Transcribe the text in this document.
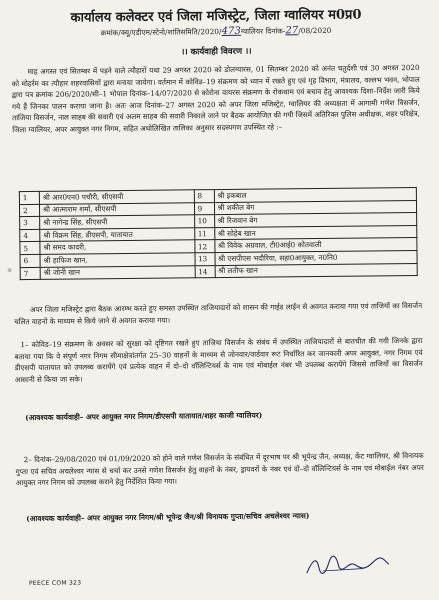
कार्यालय कलेक्टर एवं जिला मजिस्ट्रेट, जिला ग्वालियर म0प्र0
क्रमांक/क्यू/एडीएम/स्टेनो/शांतिसमिति/2020/473ग्वालियर दिनांक-27/08/2020
।। कार्यवाही विवरण ।।

माह अगस्त एवं सितम्बर में पड़ने वाले त्यौहारों यथा 29 अगस्त 2020 को डोलग्यारस, 01 सितम्बर 2020 को अनंत चतुर्दशी एवं 30 अगस्त 2020 को मोहर्रम का त्यौहार शहरवासियों द्वारा मनाया जायेगा। वर्तमान में कोविड–19 संक्रमण को ध्यान में रखते हुए एवं गृह विभाग, मंत्रालय, वल्लभ भवन, भोपाल द्वारा पत्र क्रमांक 206/2020/सी–1 भोपाल दिनांक–14/07/2020 से कोरोना वायरस संक्रमण के रोकथाम एवं बचाव हेतु आवश्यक दिशा–निर्देश जारी किये गये हैं जिनका पालन कराया जाना है। अतः आज दिनांक–27 अगस्त 2020 को अपर जिला मजिस्ट्रेट, ग्वालियर की अध्यक्षता में आगामी गणेश विसर्जन, ताजिया विसर्जन, नाल साहब की सवारी एवं अलम साहब की सवारी निकाले जाने पर बैठक आयोजित की गयी जिसमें अतिरिक्त पुलिस अधीक्षक, शहर परिक्षेत्र, जिला ग्वालियर, अपर आयुक्त नगर निगम, सहित अधोलिखित तालिका अनुसार सदस्यगण उपस्थित रहे :–

1	श्री आर0एन0 पचौरी, सीएसपी	8	श्री इकबाल
2	श्री आत्माराम शर्मा, सीएसपी	9	श्री शकील बेग
3	श्री नागेन्द्र सिंह, सीएसपी	10	श्री रिजवान बेग
4	श्री विक्रम सिंह, डीएसपी, यातायात	11	श्री सोहेब खान
5	श्री समद कादरी,	12	श्री विवेक अग्रवाल, टी0आई0 कोतवाली
6	श्री हाफिज खान,	13	श्री एसपीएस भदौरिया, सहा0आयुक्त, न0नि0
7	श्री जोनी खान	14	श्री लतीफ खान

अपर जिला मजिस्ट्रेट द्वारा बैठक आरम्भ करते हुए समस्त उपस्थित ताजियादारों को शासन की गाईड लाईन से अवगत कराया गया एवं ताजियों का विसर्जन चलित वाहनों के माध्यम से किये जाने से अवगत कराया गया।

1– कोविड–19 संक्रमण के अवसर को सुरक्षा को दृष्टिगत रखते हुए ताजिया विसर्जन के संबंध में उपस्थित ताजियादारों से बातचीत की गयी जिनके द्वारा बताया गया कि वे संपूर्ण नगर निगम सीमाक्षेत्रांतर्गत 25–30 वाहनों के माध्यम से जोनवार/वार्डवार रूट निर्धारित कर जानकारी अपर आयुक्त, नगर निगम एवं डीएसपी यातायात को उपलब्ध करायेंगे एवं प्रत्येक वाहन में दो–दो वॉलिन्टियर्स के नाम एवं मोबाईल नंबर भी उपलब्ध करायेंगे जिससे ताजियों का विसर्जन आसानी से किया जा सके।

(आवश्यक कार्यवाही– अपर आयुक्त नगर निगम/डीएसपी यातायात/शहर काजी ग्वालियर)

2– दिनांक–29/08/2020 एवं 01/09/2020 को होने वाले गणेश विसर्जन के संबंधित में दूरभाष पर श्री भूपेन्द्र जैन, अध्यक्ष, केंट ग्वालियर, श्री विनायक गुप्ता एवं सचिव अचलेश्वर न्यास से चर्चा कर उनसे गणेश विसर्जन हेतु वाहनों के नंबर, ड्रायवरों के नंबर एवं दो–दो वॉलिन्टियर्स के नाम एवं मोबाईल नंबर अपर आयुक्त नगर निगम को उपलब्ध कराने हेतु निर्देशित किया गया।

(आवश्यक कार्यवाही– अपर आयुक्त नगर निगम/श्री भूपेन्द्र जैन/श्री विनायक गुप्ता/सचिव अचलेश्वर न्यास)
PEECE COM 323
